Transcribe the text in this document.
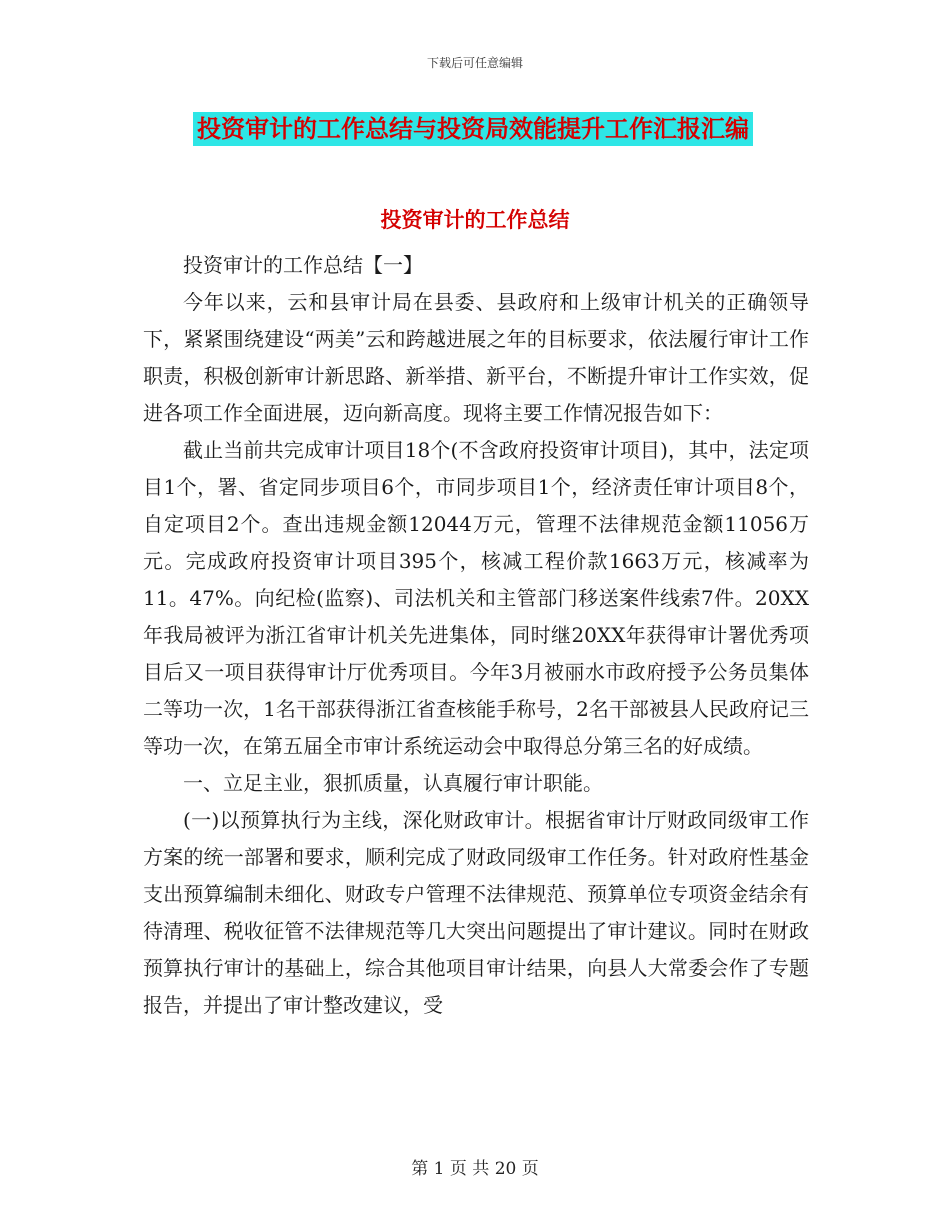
下载后可任意编辑
投资审计的工作总结与投资局效能提升工作汇报汇编
投资审计的工作总结

投资审计的工作总结【一】

今年以来，云和县审计局在县委、县政府和上级审计机关的正确领导下，紧紧围绕建设“两美”云和跨越进展之年的目标要求，依法履行审计工作职责，积极创新审计新思路、新举措、新平台，不断提升审计工作实效，促进各项工作全面进展，迈向新高度。现将主要工作情况报告如下：

截止当前共完成审计项目18个(不含政府投资审计项目)，其中，法定项目1个，署、省定同步项目6个，市同步项目1个，经济责任审计项目8个，自定项目2个。查出违规金额12044万元，管理不法律规范金额11056万元。完成政府投资审计项目395个，核减工程价款1663万元，核减率为11。47%。向纪检(监察)、司法机关和主管部门移送案件线索7件。20XX年我局被评为浙江省审计机关先进集体，同时继20XX年获得审计署优秀项目后又一项目获得审计厅优秀项目。今年3月被丽水市政府授予公务员集体二等功一次，1名干部获得浙江省查核能手称号，2名干部被县人民政府记三等功一次，在第五届全市审计系统运动会中取得总分第三名的好成绩。

一、立足主业，狠抓质量，认真履行审计职能。

(一)以预算执行为主线，深化财政审计。根据省审计厅财政同级审工作方案的统一部署和要求，顺利完成了财政同级审工作任务。针对政府性基金支出预算编制未细化、财政专户管理不法律规范、预算单位专项资金结余有待清理、税收征管不法律规范等几大突出问题提出了审计建议。同时在财政预算执行审计的基础上，综合其他项目审计结果，向县人大常委会作了专题报告，并提出了审计整改建议，受

第 1 页 共 20 页
